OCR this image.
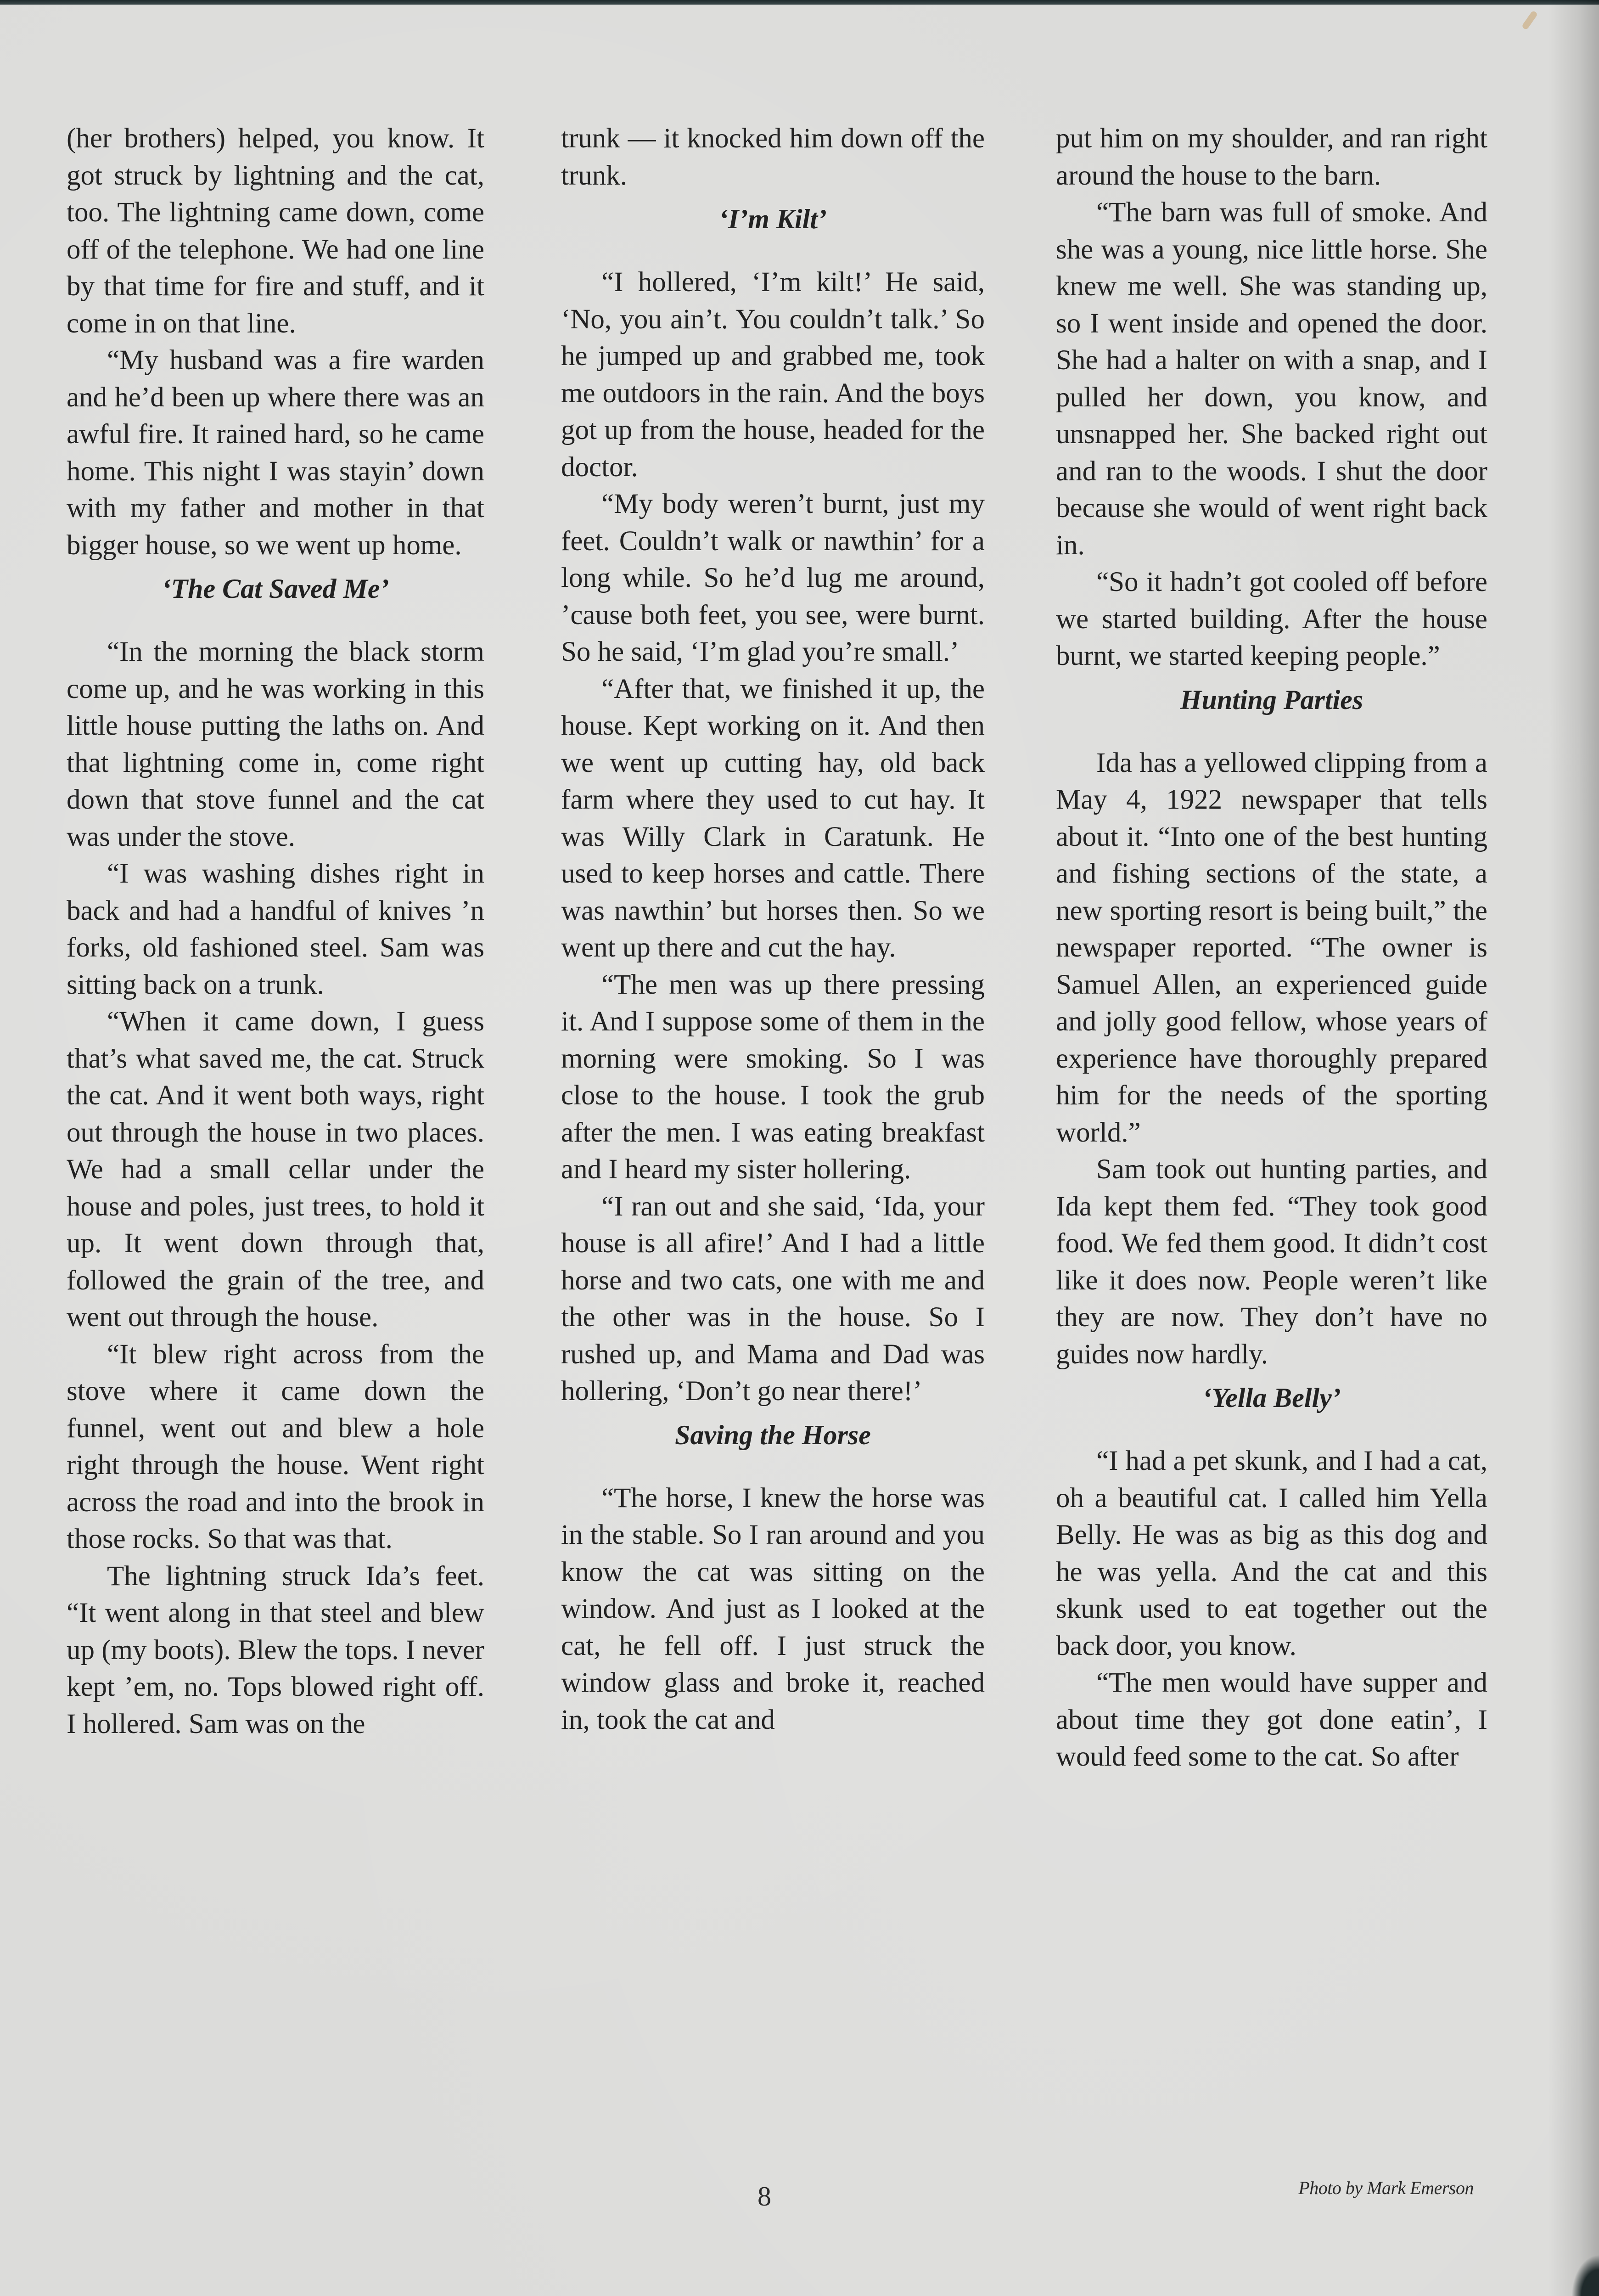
(her brothers) helped, you know. It got struck by lightning and the cat, too. The lightning came down, come off of the telephone. We had one line by that time for fire and stuff, and it come in on that line.

“My husband was a fire warden and he’d been up where there was an awful fire. It rained hard, so he came home. This night I was stayin’ down with my father and mother in that bigger house, so we went up home.

‘The Cat Saved Me’

“In the morning the black storm come up, and he was working in this little house putting the laths on. And that lightning come in, come right down that stove funnel and the cat was under the stove.

“I was washing dishes right in back and had a handful of knives ’n forks, old fashioned steel. Sam was sitting back on a trunk.

“When it came down, I guess that’s what saved me, the cat. Struck the cat. And it went both ways, right out through the house in two places. We had a small cellar under the house and poles, just trees, to hold it up. It went down through that, followed the grain of the tree, and went out through the house.

“It blew right across from the stove where it came down the funnel, went out and blew a hole right through the house. Went right across the road and into the brook in those rocks. So that was that.

The lightning struck Ida’s feet. “It went along in that steel and blew up (my boots). Blew the tops. I never kept ’em, no. Tops blowed right off. I hollered. Sam was on the

trunk — it knocked him down off the trunk.

‘I’m Kilt’

“I hollered, ‘I’m kilt!’ He said, ‘No, you ain’t. You couldn’t talk.’ So he jumped up and grabbed me, took me outdoors in the rain. And the boys got up from the house, headed for the doctor.

“My body weren’t burnt, just my feet. Couldn’t walk or nawthin’ for a long while. So he’d lug me around, ’cause both feet, you see, were burnt. So he said, ‘I’m glad you’re small.’

“After that, we finished it up, the house. Kept working on it. And then we went up cutting hay, old back farm where they used to cut hay. It was Willy Clark in Caratunk. He used to keep horses and cattle. There was nawthin’ but horses then. So we went up there and cut the hay.

“The men was up there pressing it. And I suppose some of them in the morning were smoking. So I was close to the house. I took the grub after the men. I was eating breakfast and I heard my sister hollering.

“I ran out and she said, ‘Ida, your house is all afire!’ And I had a little horse and two cats, one with me and the other was in the house. So I rushed up, and Mama and Dad was hollering, ‘Don’t go near there!’

Saving the Horse

“The horse, I knew the horse was in the stable. So I ran around and you know the cat was sitting on the window. And just as I looked at the cat, he fell off. I just struck the window glass and broke it, reached in, took the cat and

put him on my shoulder, and ran right around the house to the barn.

“The barn was full of smoke. And she was a young, nice little horse. She knew me well. She was standing up, so I went inside and opened the door. She had a halter on with a snap, and I pulled her down, you know, and unsnapped her. She backed right out and ran to the woods. I shut the door because she would of went right back in.

“So it hadn’t got cooled off before we started building. After the house burnt, we started keeping people.”

Hunting Parties

Ida has a yellowed clipping from a May 4, 1922 newspaper that tells about it. “Into one of the best hunting and fishing sections of the state, a new sporting resort is being built,” the newspaper reported. “The owner is Samuel Allen, an experienced guide and jolly good fellow, whose years of experience have thoroughly prepared him for the needs of the sporting world.”

Sam took out hunting parties, and Ida kept them fed. “They took good food. We fed them good. It didn’t cost like it does now. People weren’t like they are now. They don’t have no guides now hardly.

‘Yella Belly’

“I had a pet skunk, and I had a cat, oh a beautiful cat. I called him Yella Belly. He was as big as this dog and he was yella. And the cat and this skunk used to eat together out the back door, you know.

“The men would have supper and about time they got done eatin’, I would feed some to the cat. So after

8	Photo by Mark Emerson
